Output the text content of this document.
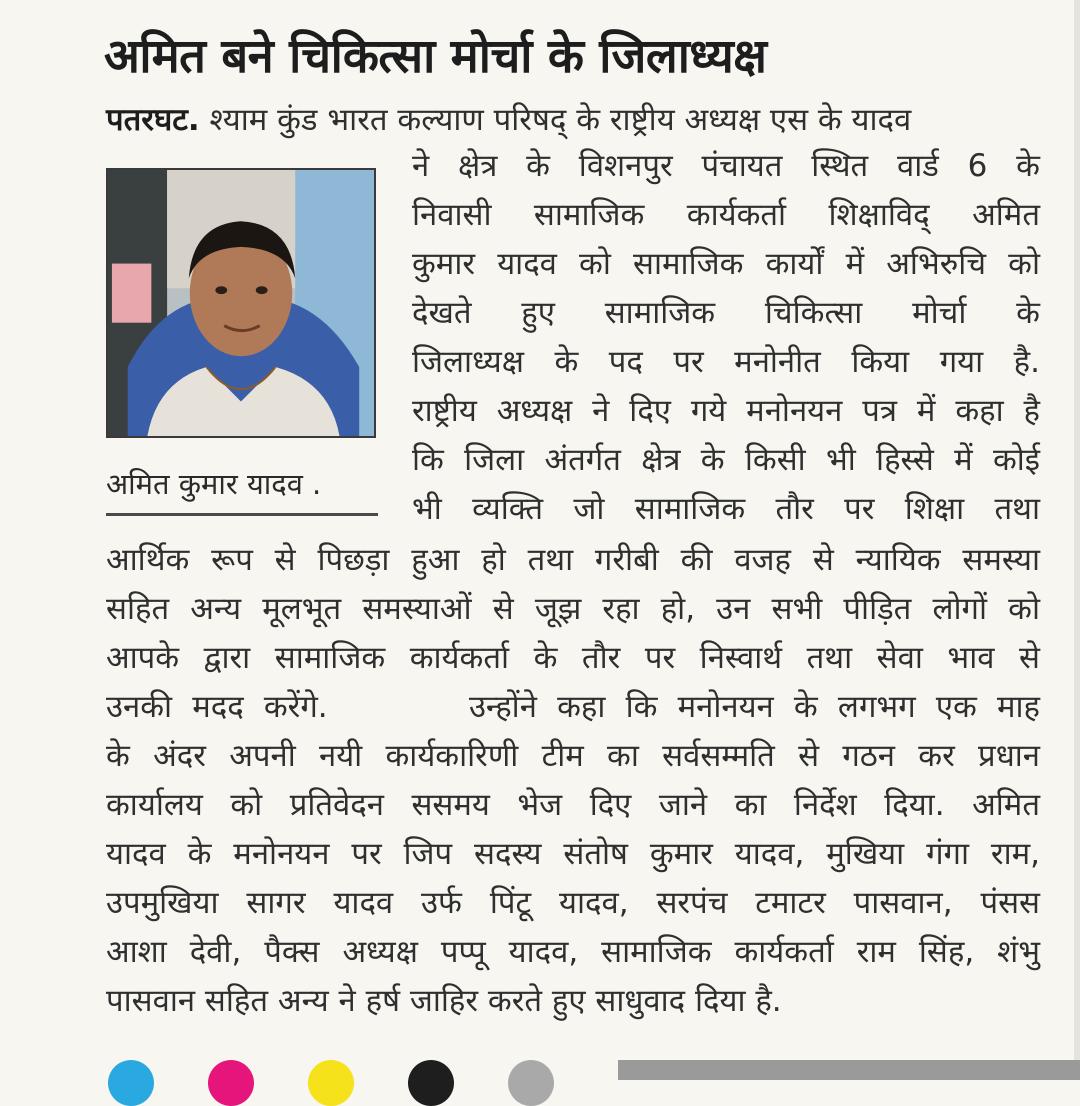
अमित बने चिकित्सा मोर्चा के जिलाध्यक्ष
पतरघट. श्याम कुंड भारत कल्याण परिषद् के राष्ट्रीय अध्यक्ष एस के यादव
ने क्षेत्र के विशनपुर पंचायत स्थित वार्ड 6 के
निवासी सामाजिक कार्यकर्ता शिक्षाविद् अमित
कुमार यादव को सामाजिक कार्यों में अभिरुचि को
देखते हुए सामाजिक चिकित्सा मोर्चा के
जिलाध्यक्ष के पद पर मनोनीत किया गया है.
राष्ट्रीय अध्यक्ष ने दिए गये मनोनयन पत्र में कहा है
कि जिला अंतर्गत क्षेत्र के किसी भी हिस्से में कोई
भी व्यक्ति जो सामाजिक तौर पर शिक्षा तथा
आर्थिक रूप से पिछड़ा हुआ हो तथा गरीबी की वजह से न्यायिक समस्या
सहित अन्य मूलभूत समस्याओं से जूझ रहा हो, उन सभी पीड़ित लोगों को
आपके द्वारा सामाजिक कार्यकर्ता के तौर पर निस्वार्थ तथा सेवा भाव से
उनकी मदद करेंगे.       उन्होंने कहा कि मनोनयन के लगभग एक माह
के अंदर अपनी नयी कार्यकारिणी टीम का सर्वसम्मति से गठन कर प्रधान
कार्यालय को प्रतिवेदन ससमय भेज दिए जाने का निर्देश दिया. अमित
यादव के मनोनयन पर जिप सदस्य संतोष कुमार यादव, मुखिया गंगा राम,
उपमुखिया सागर यादव उर्फ पिंटू यादव, सरपंच टमाटर पासवान, पंसस
आशा देवी, पैक्स अध्यक्ष पप्पू यादव, सामाजिक कार्यकर्ता राम सिंह, शंभु
पासवान सहित अन्य ने हर्ष जाहिर करते हुए साधुवाद दिया है.
अमित कुमार यादव .
